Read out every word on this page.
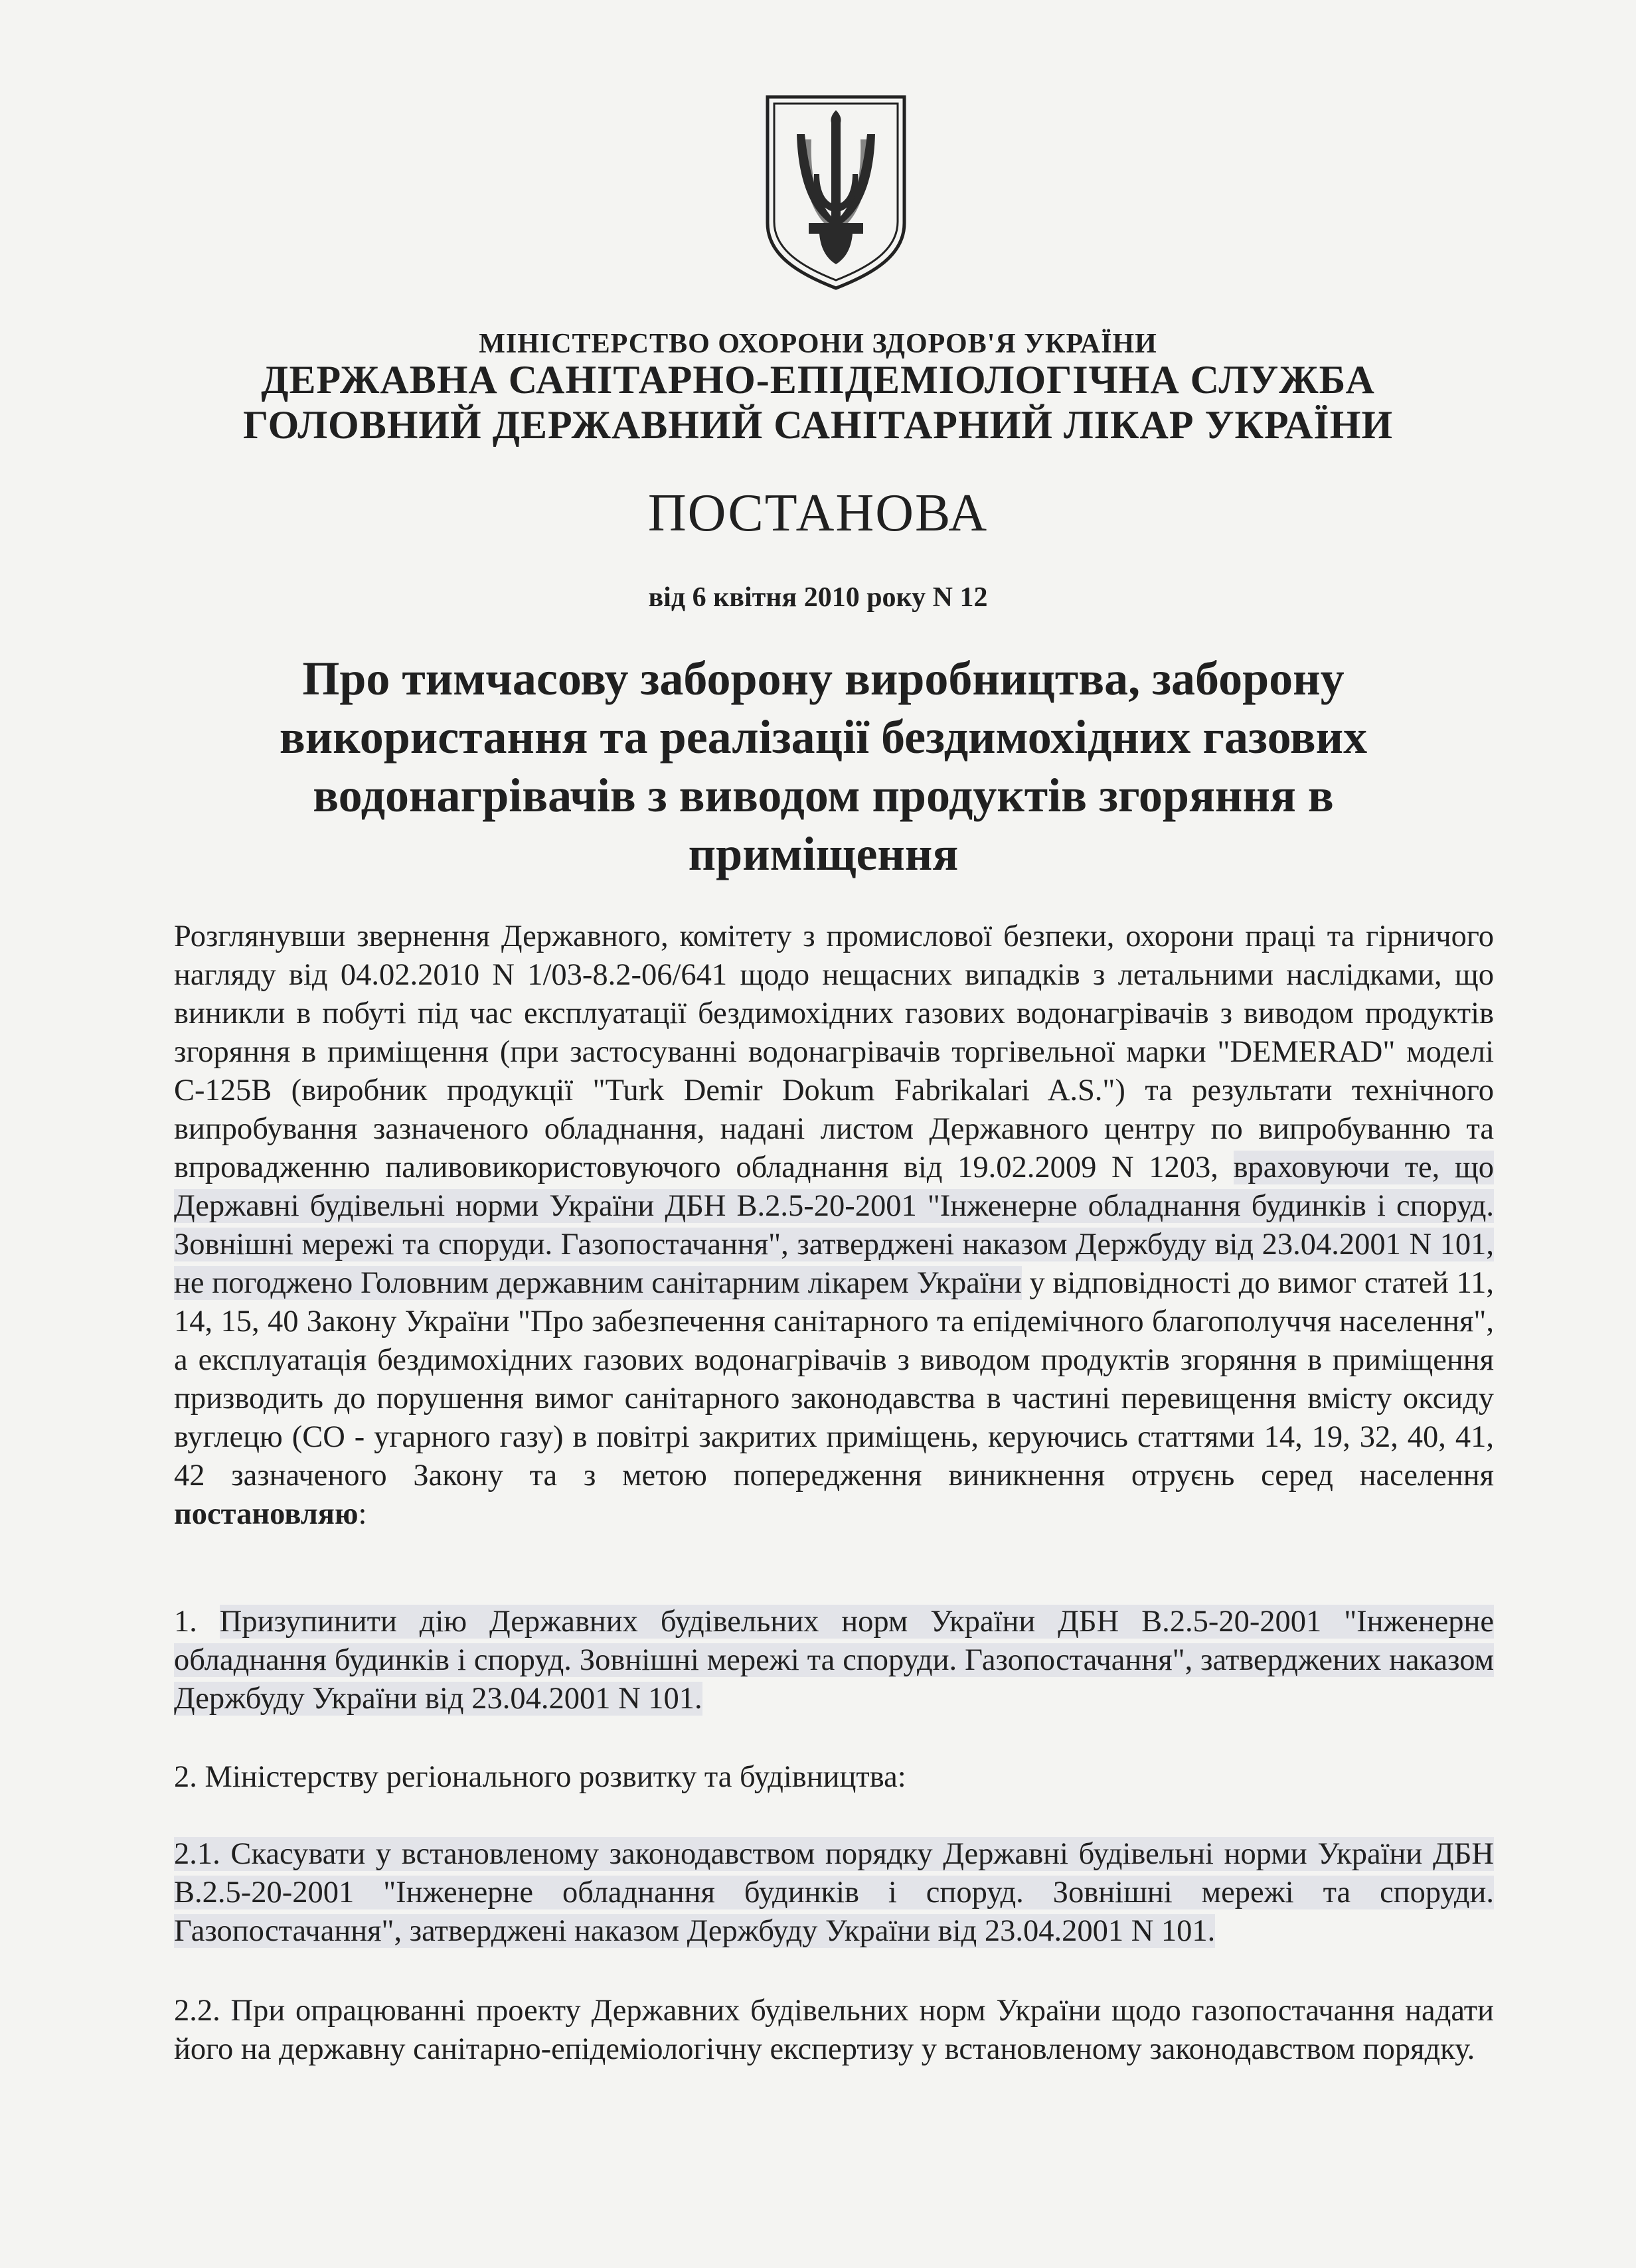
МІНІСТЕРСТВО ОХОРОНИ ЗДОРОВ'Я УКРАЇНИ
ДЕРЖАВНА САНІТАРНО-ЕПІДЕМІОЛОГІЧНА СЛУЖБА
ГОЛОВНИЙ ДЕРЖАВНИЙ САНІТАРНИЙ ЛІКАР УКРАЇНИ
ПОСТАНОВА
від 6 квітня 2010 року N 12
Про тимчасову заборону виробництва, заборону використання та реалізації бездимохідних газових водонагрівачів з виводом продуктів згоряння в приміщення

Розглянувши звернення Державного, комітету з промислової безпеки, охорони праці та гірничого нагляду від 04.02.2010 N 1/03-8.2-06/641 щодо нещасних випадків з летальними наслідками, що виникли в побуті під час експлуатації бездимохідних газових водонагрівачів з виводом продуктів згоряння в приміщення (при застосуванні водонагрівачів торгівельної марки "DEMERAD" моделі С-125В (виробник продукції "Turk Demir Dokum Fabrikalari A.S.") та результати технічного випробування зазначеного обладнання, надані листом Державного центру по випробуванню та впровадженню паливовикористовуючого обладнання від 19.02.2009 N 1203, враховуючи те, що Державні будівельні норми України ДБН В.2.5-20-2001 "Інженерне обладнання будинків і споруд. Зовнішні мережі та споруди. Газопостачання", затверджені наказом Держбуду від 23.04.2001 N 101, не погоджено Головним державним санітарним лікарем України у відповідності до вимог статей 11, 14, 15, 40 Закону України "Про забезпечення санітарного та епідемічного благополуччя населення", а експлуатація бездимохідних газових водонагрівачів з виводом продуктів згоряння в приміщення призводить до порушення вимог санітарного законодавства в частині перевищення вмісту оксиду вуглецю (СО - угарного газу) в повітрі закритих приміщень, керуючись статтями 14, 19, 32, 40, 41, 42 зазначеного Закону та з метою попередження виникнення отруєнь серед населення постановляю:

1. Призупинити дію Державних будівельних норм України ДБН В.2.5-20-2001 "Інженерне обладнання будинків і споруд. Зовнішні мережі та споруди. Газопостачання", затверджених наказом Держбуду України від 23.04.2001 N 101.

2. Міністерству регіонального розвитку та будівництва:

2.1. Скасувати у встановленому законодавством порядку Державні будівельні норми України ДБН В.2.5-20-2001 "Інженерне обладнання будинків і споруд. Зовнішні мережі та споруди. Газопостачання", затверджені наказом Держбуду України від 23.04.2001 N 101.

2.2. При опрацюванні проекту Державних будівельних норм України щодо газопостачання надати його на державну санітарно-епідеміологічну експертизу у встановленому законодавством порядку.
